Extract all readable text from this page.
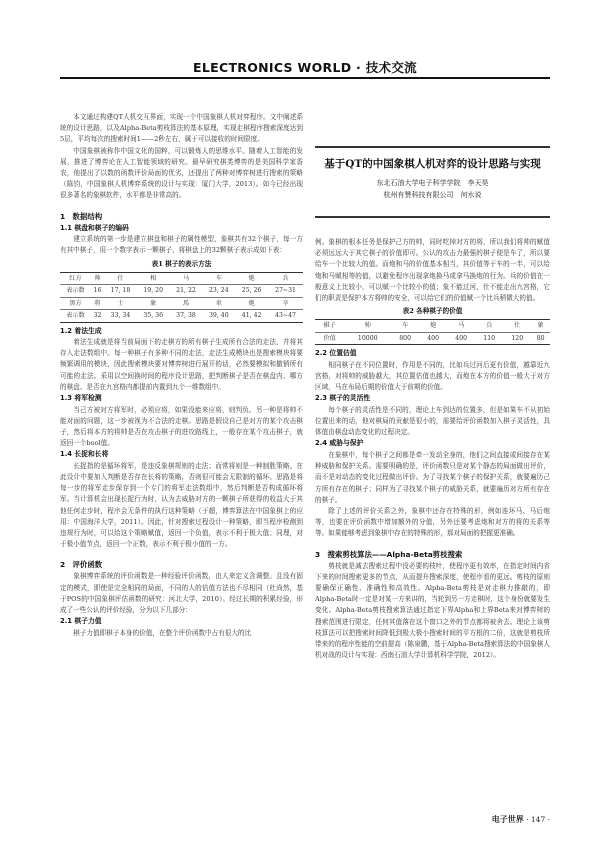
ELECTRONICS WORLD · 技术交流

本文通过构建QT人机交互界面，实现一个中国象棋人机对弈程序。文中阐述系统的设计思路，以及Alpha-Beta剪枝算法的基本原理，实现走棋程序搜索深度达到5层，平均每次的搜索时间1——2秒左右，属于可以接收的时间限度。

中国象棋被称作中国文化的国粹，可以锻炼人的思维水平。随着人工智能的发展，推进了博弈论在人工智能领域的研究。最早研究棋类博弈的是美国科学家香农，他提出了以数的函数评价局面的优劣，还提出了两种对博弈树进行搜索的策略（陈钧，中国象棋人机博弈系统的设计与实现：厦门大学，2013）。如今已经出现很多著名的象棋软件，水平都是非常高的。

1　数据结构
1.1 棋盘和棋子的编码

建立系统的第一步是建立棋盘和棋子的属性模型，象棋共有32个棋子，每一方有其中棋子，用一个数字表示一颗棋子，将棋盘上的32颗棋子表示成如下表：

表1 棋子的表示方法
红方	帅	仕	相	马	车	炮	兵
表示数	16	17, 18	19, 20	21, 22	23, 24	25, 26	27~31
黑方	将	士	象	馬	車	炮	卒
表示数	32	33, 34	35, 36	37, 38	39, 40	41, 42	43~47
1.2 着法生成

着法生成就是将当前局面下的走棋方的所有棋子生成所有合法的走法，并将其存入走法数组中。每一种棋子有多种不同的走法，走法生成模块也是搜索模块将要频繁调用的模块，因此搜索模块要对博弈树进行展开的话，必然要模拟和撤销所有可能的走法。采用以空间换时间的程序设计思路，把判断棋子是否在棋盘内、哪方的棋盘、是否在九宫格内都提前内置到九个一维数组中。

1.3 将军检测

当己方被对方将军时，必须应将，如果没能来应将，则判负。另一种是将帅不能对面的问题，这一步被视为不合法的走棋。思路是假设自己是对方的某个攻击棋子，然后将本方的将帅是否在攻击棋子的进攻路线上，一般存在某个攻击棋子，就返回一个bool值。

1.4 长捉和长将

长捉指的是循环将军，是违反象棋规则的走法；而常将则是一种制胜策略。在此设计中要加入判断是否存在长将的策略，否则很可能会无限制的循环。思路是将每一步的将军走步保存到一个专门的将军走法数组中，然后判断是否构成循环将军。当计算机会出现长捉行为时，认为去威胁对方的一颗棋子所获得的收益大于其他任何走步时，程序会无条件的执行这种策略（于超，博弈算法在中国象棋上的应用：中国海洋大学，2011）。因此，针对搜索过程设计一种策略，即当程序检测到违规行为时，可以给这个策略赋值，返回一个负值，表示不利于极大值；同理，对于极小值节点，返回一个正数，表示不利于极小值的一方。

2　评价函数

象棋博弈系统的评价函数是一种经验评价函数，由人来定义含调整。且没有固定的模式，即使是完全相同的局面，不同的人的估值方法也不尽相同（杜尚然，基于POS的中国象棋评估函数的研究：河北大学，2010）。经过长期的积累经验，形成了一些公认的评价经验，分为以下几部分：

2.1 棋子力值

棋子力值即棋子本身的价值，在整个评价函数中占有很大的比

基于QT的中国象棋人机对弈的设计思路与实现
东北石油大学电子科学学院　李天昊
杭州有赞科技有限公司　何水说

例。象棋的根本任务是保护己方的帅，同时吃掉对方的将，所以我们将帅的赋值必须远远大于其它棋子的价值即可。公认的攻击力最强的棋子便是车了，所以要给车一个比较大的值。而炮和马的价值基本相当，其价值等于车的一半，可以给炮和马赋相等的值，以避免程序出现拿炮换马或拿马换炮的行为。兵的价值在一般意义上比较小，可以赋一个比较小的值；象不能过河，仕不能走出九宫格，它们的职责是保护本方将帅的安全，可以给它们的价值赋一个比兵稍微大的值。

表2 各种棋子的价值
棋子	帅	车	炮	马	兵	仕	象
价值	10000	800	400	400	110	120	80
2.2 位置估值

相同棋子在不同位置时，作用是不同的，比如兵过河后更有价值，越靠近九宫格，对将帅的威胁越大，其位置估值也越大，而炮在本方的价值一般大于对方区域，马在布局后期的价值大于前期的价值。

2.3 棋子的灵活性

每个棋子的灵活性是不同的，理论上车到达的位置多，但是如果车不从初始位置出来的话，他对棋局的贡献是很小的，需要给评价函数加入棋子灵活性，具体值由棋盘动态变化的过程决定。

2.4 威胁与保护

在象棋中，每个棋子之间都是牵一发动全身的，他们之间直接或间接存在某种威胁和保护关系。需要明确的是，评价函数只是对某个静态的局面做出评价，而不是对动态的变化过程做出评价。为了寻找某个棋子的保护关系，就要遍历己方所有存在的棋子；同样为了寻找某个棋子的威胁关系，就要遍历对方所有存在的棋子。

除了上述的评价关系之外，象棋中还存在特殊的形，例如连环马、马后炮等，也要在评价函数中增加额外的分值，另外还要考虑炮和对方的将的关系等等。如果能够考虑到象棋中存在的特殊的形，那对局面的把握更准确。

3　搜索剪枝算法——Alpha-Beta剪枝搜索

剪枝就是减去搜索过程中没必要的枝叶，使程序更有效率，在指定时间内省下来的时间搜索更多的节点，从而提升搜索深度，使程序看的更远。剪枝的原则要确保正确性、准确性和高效性。Alpha-Beta剪枝是对走棋力推敲的，即Alpha-Beta时一定是对某一方来讲的，当轮到另一方走棋时，这个身份就要发生变化。Alpha-Beta剪枝搜索算法通过指定下界Alpha和上界Beta来对博弈树的搜索范围进行限定，任何其值落在这个窗口之外的节点都将被舍去。理论上该剪枝算法可以把搜索时间降低到极大极小搜索时间的平方根的二倍，这就是剪枝所带来的的程序性能的空前提高（陈泉鹏，基于Alpha-Beta搜索算法的中国象棋人机对战的设计与实现：西南石油大学计算机科学学院，2012）。

电子世界 · 147 ·
